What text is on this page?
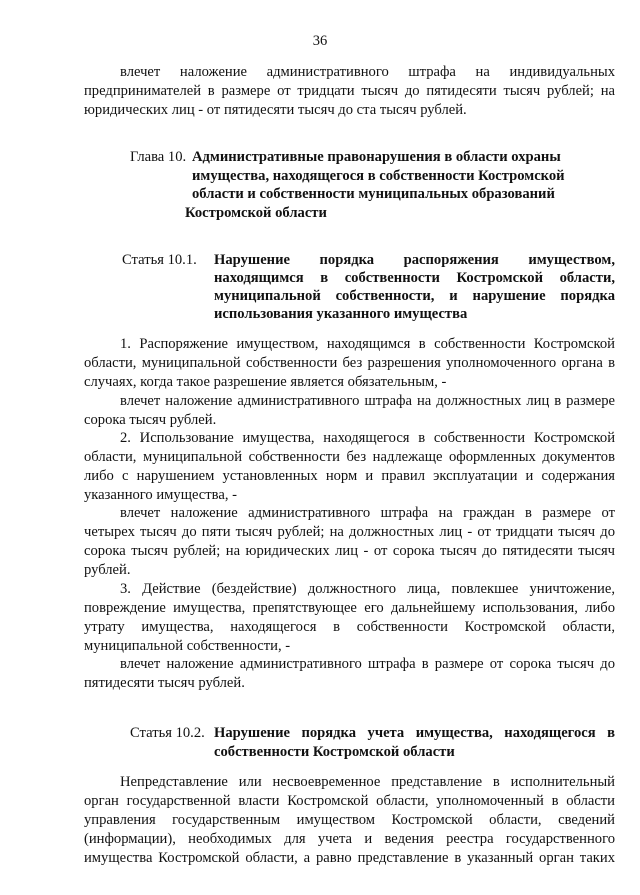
36
влечет наложение административного штрафа на индивидуальных
предпринимателей в размере от тридцати тысяч до пятидесяти тысяч рублей; на
юридических лиц - от пятидесяти тысяч до ста тысяч рублей.
Глава 10. Административные правонарушения в области охраны
имущества, находящегося в собственности Костромской
области и собственности муниципальных образований
Костромской области
Статья 10.1. Нарушение порядка распоряжения имуществом,
находящимся в собственности Костромской области,
муниципальной собственности, и нарушение порядка
использования указанного имущества
1. Распоряжение имуществом, находящимся в собственности Костромской
области, муниципальной собственности без разрешения уполномоченного органа в
случаях, когда такое разрешение является обязательным, -
влечет наложение административного штрафа на должностных лиц в размере
сорока тысяч рублей.
2. Использование имущества, находящегося в собственности Костромской
области, муниципальной собственности без надлежаще оформленных документов
либо с нарушением установленных норм и правил эксплуатации и содержания
указанного имущества, -
влечет наложение административного штрафа на граждан в размере от
четырех тысяч до пяти тысяч рублей; на должностных лиц - от тридцати тысяч до
сорока тысяч рублей; на юридических лиц - от сорока тысяч до пятидесяти тысяч
рублей.
3. Действие (бездействие) должностного лица, повлекшее уничтожение,
повреждение имущества, препятствующее его дальнейшему использования, либо
утрату имущества, находящегося в собственности Костромской области,
муниципальной собственности, -
влечет наложение административного штрафа в размере от сорока тысяч до
пятидесяти тысяч рублей.
Статья 10.2. Нарушение порядка учета имущества, находящегося в
собственности Костромской области
Непредставление или несвоевременное представление в исполнительный
орган государственной власти Костромской области, уполномоченный в области
управления государственным имуществом Костромской области, сведений
(информации), необходимых для учета и ведения реестра государственного
имущества Костромской области, а равно представление в указанный орган таких
